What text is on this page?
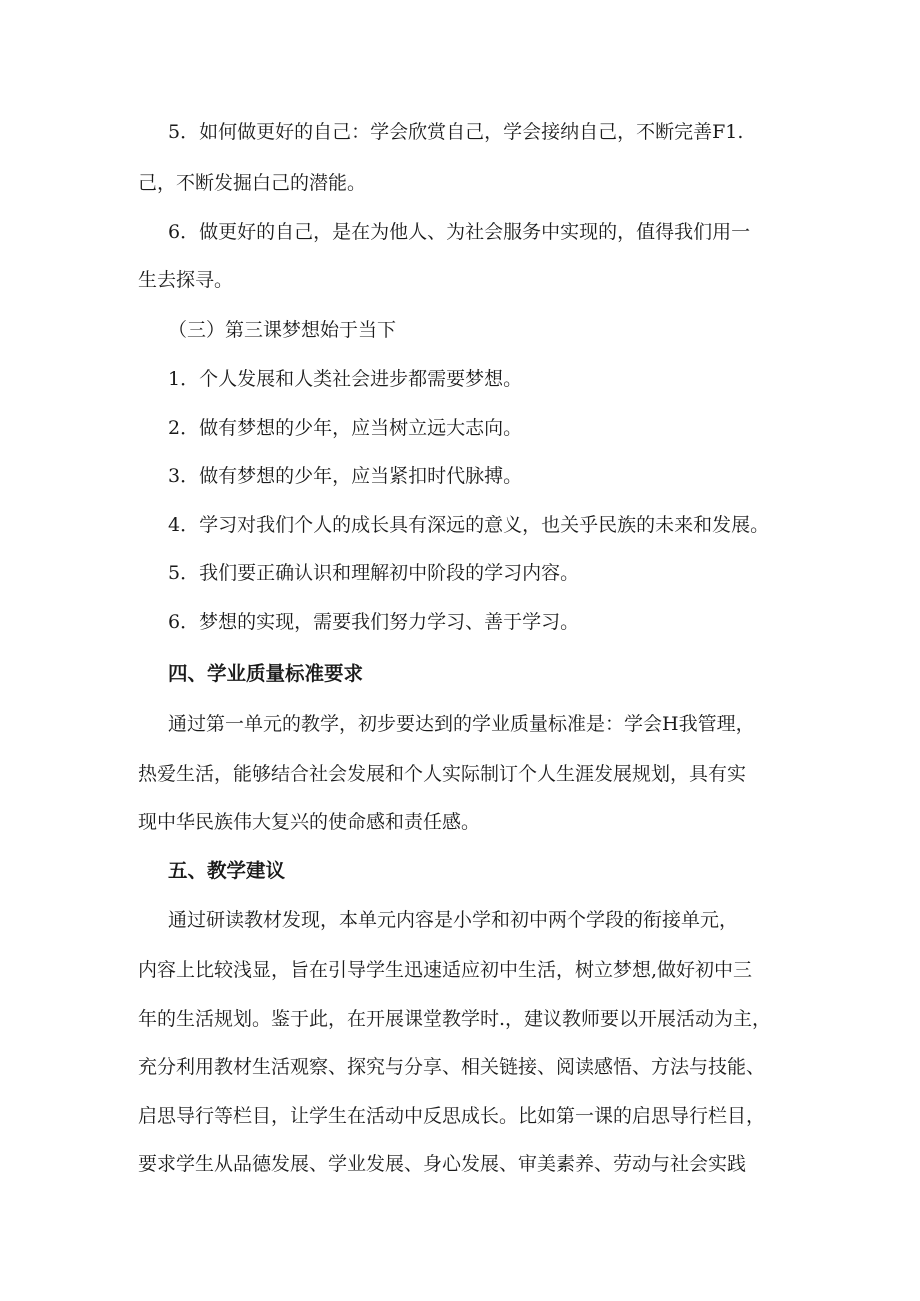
5．如何做更好的自己：学会欣赏自己，学会接纳自己，不断完善F1.
己，不断发掘白己的潜能。
6．做更好的自己，是在为他人、为社会服务中实现的，值得我们用一
生去探寻。
（三）第三课梦想始于当下
1．个人发展和人类社会进步都需要梦想。
2．做有梦想的少年，应当树立远大志向。
3．做有梦想的少年，应当紧扣时代脉搏。
4．学习对我们个人的成长具有深远的意义，也关乎民族的未来和发展。
5．我们要正确认识和理解初中阶段的学习内容。
6．梦想的实现，需要我们努力学习、善于学习。
四、学业质量标准要求
通过第一单元的教学，初步要达到的学业质量标准是：学会H我管理，
热爱生活，能够结合社会发展和个人实际制订个人生涯发展规划，具有实
现中华民族伟大复兴的使命感和责任感。
五、教学建议
通过研读教材发现，本单元内容是小学和初中两个学段的衔接单元，
内容上比较浅显，旨在引导学生迅速适应初中生活，树立梦想,做好初中三
年的生活规划。鉴于此，在开展课堂教学时.，建议教师要以开展活动为主，
充分利用教材生活观察、探究与分享、相关链接、阅读感悟、方法与技能、
启思导行等栏目，让学生在活动中反思成长。比如第一课的启思导行栏目，
要求学生从品德发展、学业发展、身心发展、审美素养、劳动与社会实践
